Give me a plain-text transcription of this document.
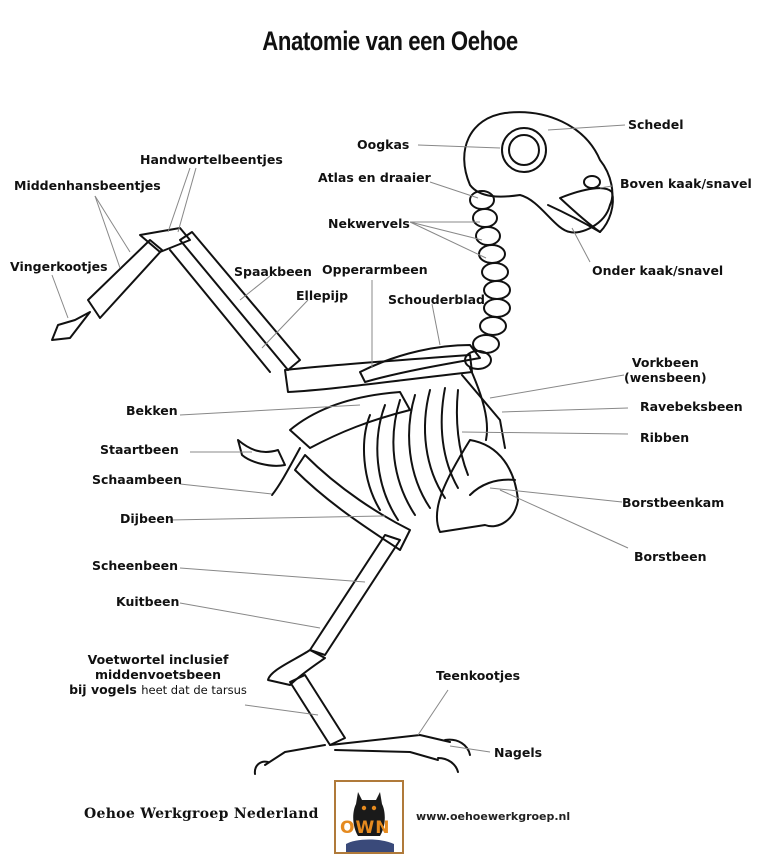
Anatomie van een Oehoe
Schedel
Oogkas
Atlas en draaier	Boven kaak/snavel
Nekwervels
Onder kaak/snavel
Handwortelbeentjes
Middenhansbeentjes
Vingerkootjes	Spaakbeen Opperarmbeen
Ellepijp	Schouderblad
Vorkbeen
(wensbeen)
Ravebeksbeen
Ribben
Bekken
Staartbeen
Schaambeen
Borstbeenkam
Dijbeen
Borstbeen
Scheenbeen
Kuitbeen
Voetwortel inclusief
middenvoetsbeen
bij vogels heet dat de tarsus
Teenkootjes
Nagels
Oehoe Werkgroep Nederland
OWN
www.oehoewerkgroep.nl
